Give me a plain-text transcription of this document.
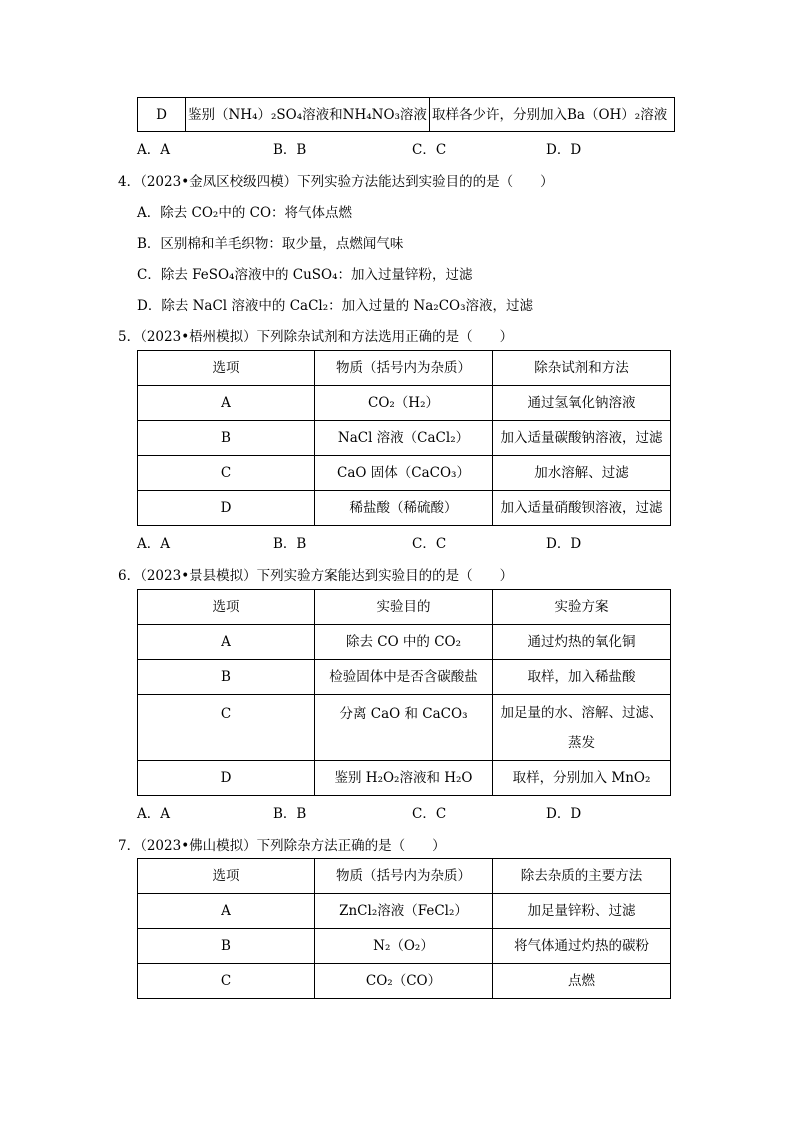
D	鉴别（NH₄）₂SO₄溶液和NH₄NO₃溶液	取样各少许，分别加入Ba（OH）₂溶液
A．A	B．B	C．C	D．D
4．（2023•金凤区校级四模）下列实验方法能达到实验目的的是（　　）
A．除去 CO₂中的 CO：将气体点燃
B．区别棉和羊毛织物：取少量，点燃闻气味
C．除去 FeSO₄溶液中的 CuSO₄：加入过量锌粉，过滤
D．除去 NaCl 溶液中的 CaCl₂：加入过量的 Na₂CO₃溶液，过滤
5．（2023•梧州模拟）下列除杂试剂和方法选用正确的是（　　）
选项	物质（括号内为杂质）	除杂试剂和方法
A	CO₂（H₂）	通过氢氧化钠溶液
B	NaCl 溶液（CaCl₂）	加入适量碳酸钠溶液，过滤
C	CaO 固体（CaCO₃）	加水溶解、过滤
D	稀盐酸（稀硫酸）	加入适量硝酸钡溶液，过滤
A．A	B．B	C．C	D．D
6．（2023•景县模拟）下列实验方案能达到实验目的的是（　　）
选项	实验目的	实验方案
A	除去 CO 中的 CO₂	通过灼热的氧化铜
B	检验固体中是否含碳酸盐	取样，加入稀盐酸
C	分离 CaO 和 CaCO₃	加足量的水、溶解、过滤、
蒸发
D	鉴别 H₂O₂溶液和 H₂O	取样，分别加入 MnO₂
A．A	B．B	C．C	D．D
7．（2023•佛山模拟）下列除杂方法正确的是（　　）
选项	物质（括号内为杂质）	除去杂质的主要方法
A	ZnCl₂溶液（FeCl₂）	加足量锌粉、过滤
B	N₂（O₂）	将气体通过灼热的碳粉
C	CO₂（CO）	点燃
